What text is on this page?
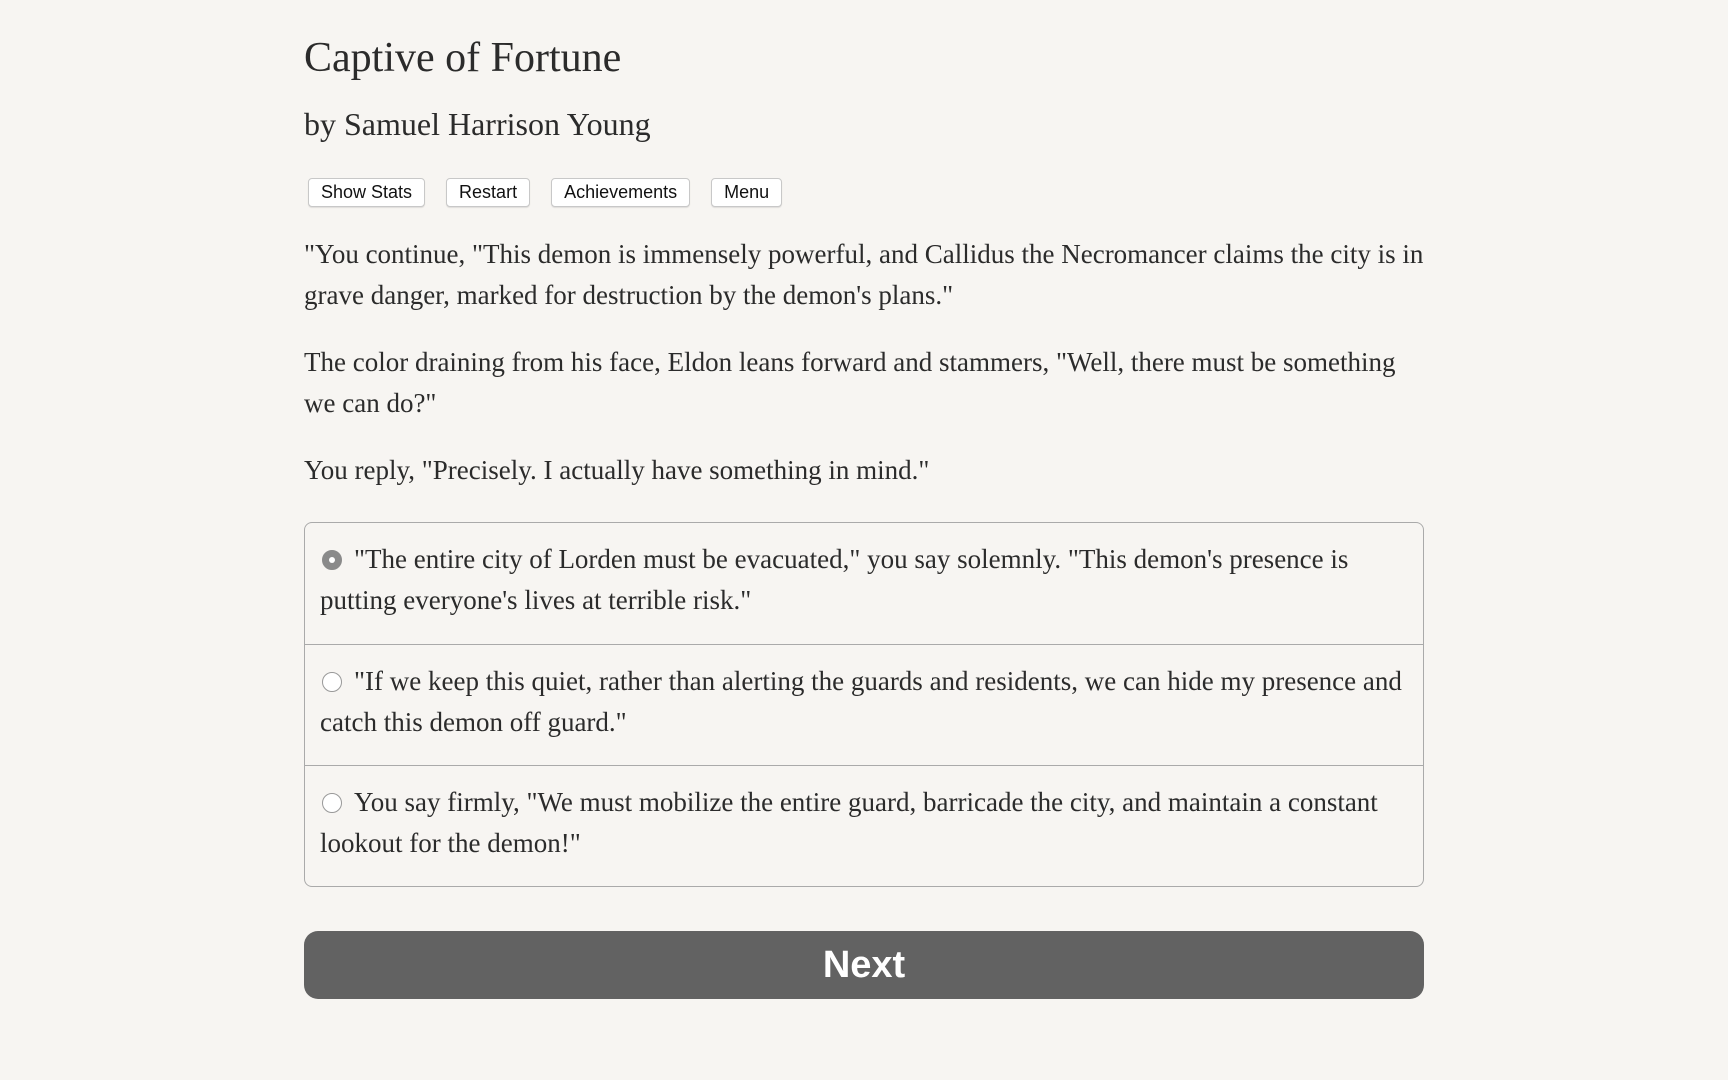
Captive of Fortune
by Samuel Harrison Young
Show Stats	Restart	Achievements	Menu

"You continue, "This demon is immensely powerful, and Callidus the Necromancer claims the city is in grave danger, marked for destruction by the demon's plans."

The color draining from his face, Eldon leans forward and stammers, "Well, there must be something we can do?"

You reply, "Precisely. I actually have something in mind."

"The entire city of Lorden must be evacuated," you say solemnly. "This demon's presence is putting everyone's lives at terrible risk."
"If we keep this quiet, rather than alerting the guards and residents, we can hide my presence and catch this demon off guard."
You say firmly, "We must mobilize the entire guard, barricade the city, and maintain a constant lookout for the demon!"
Next
